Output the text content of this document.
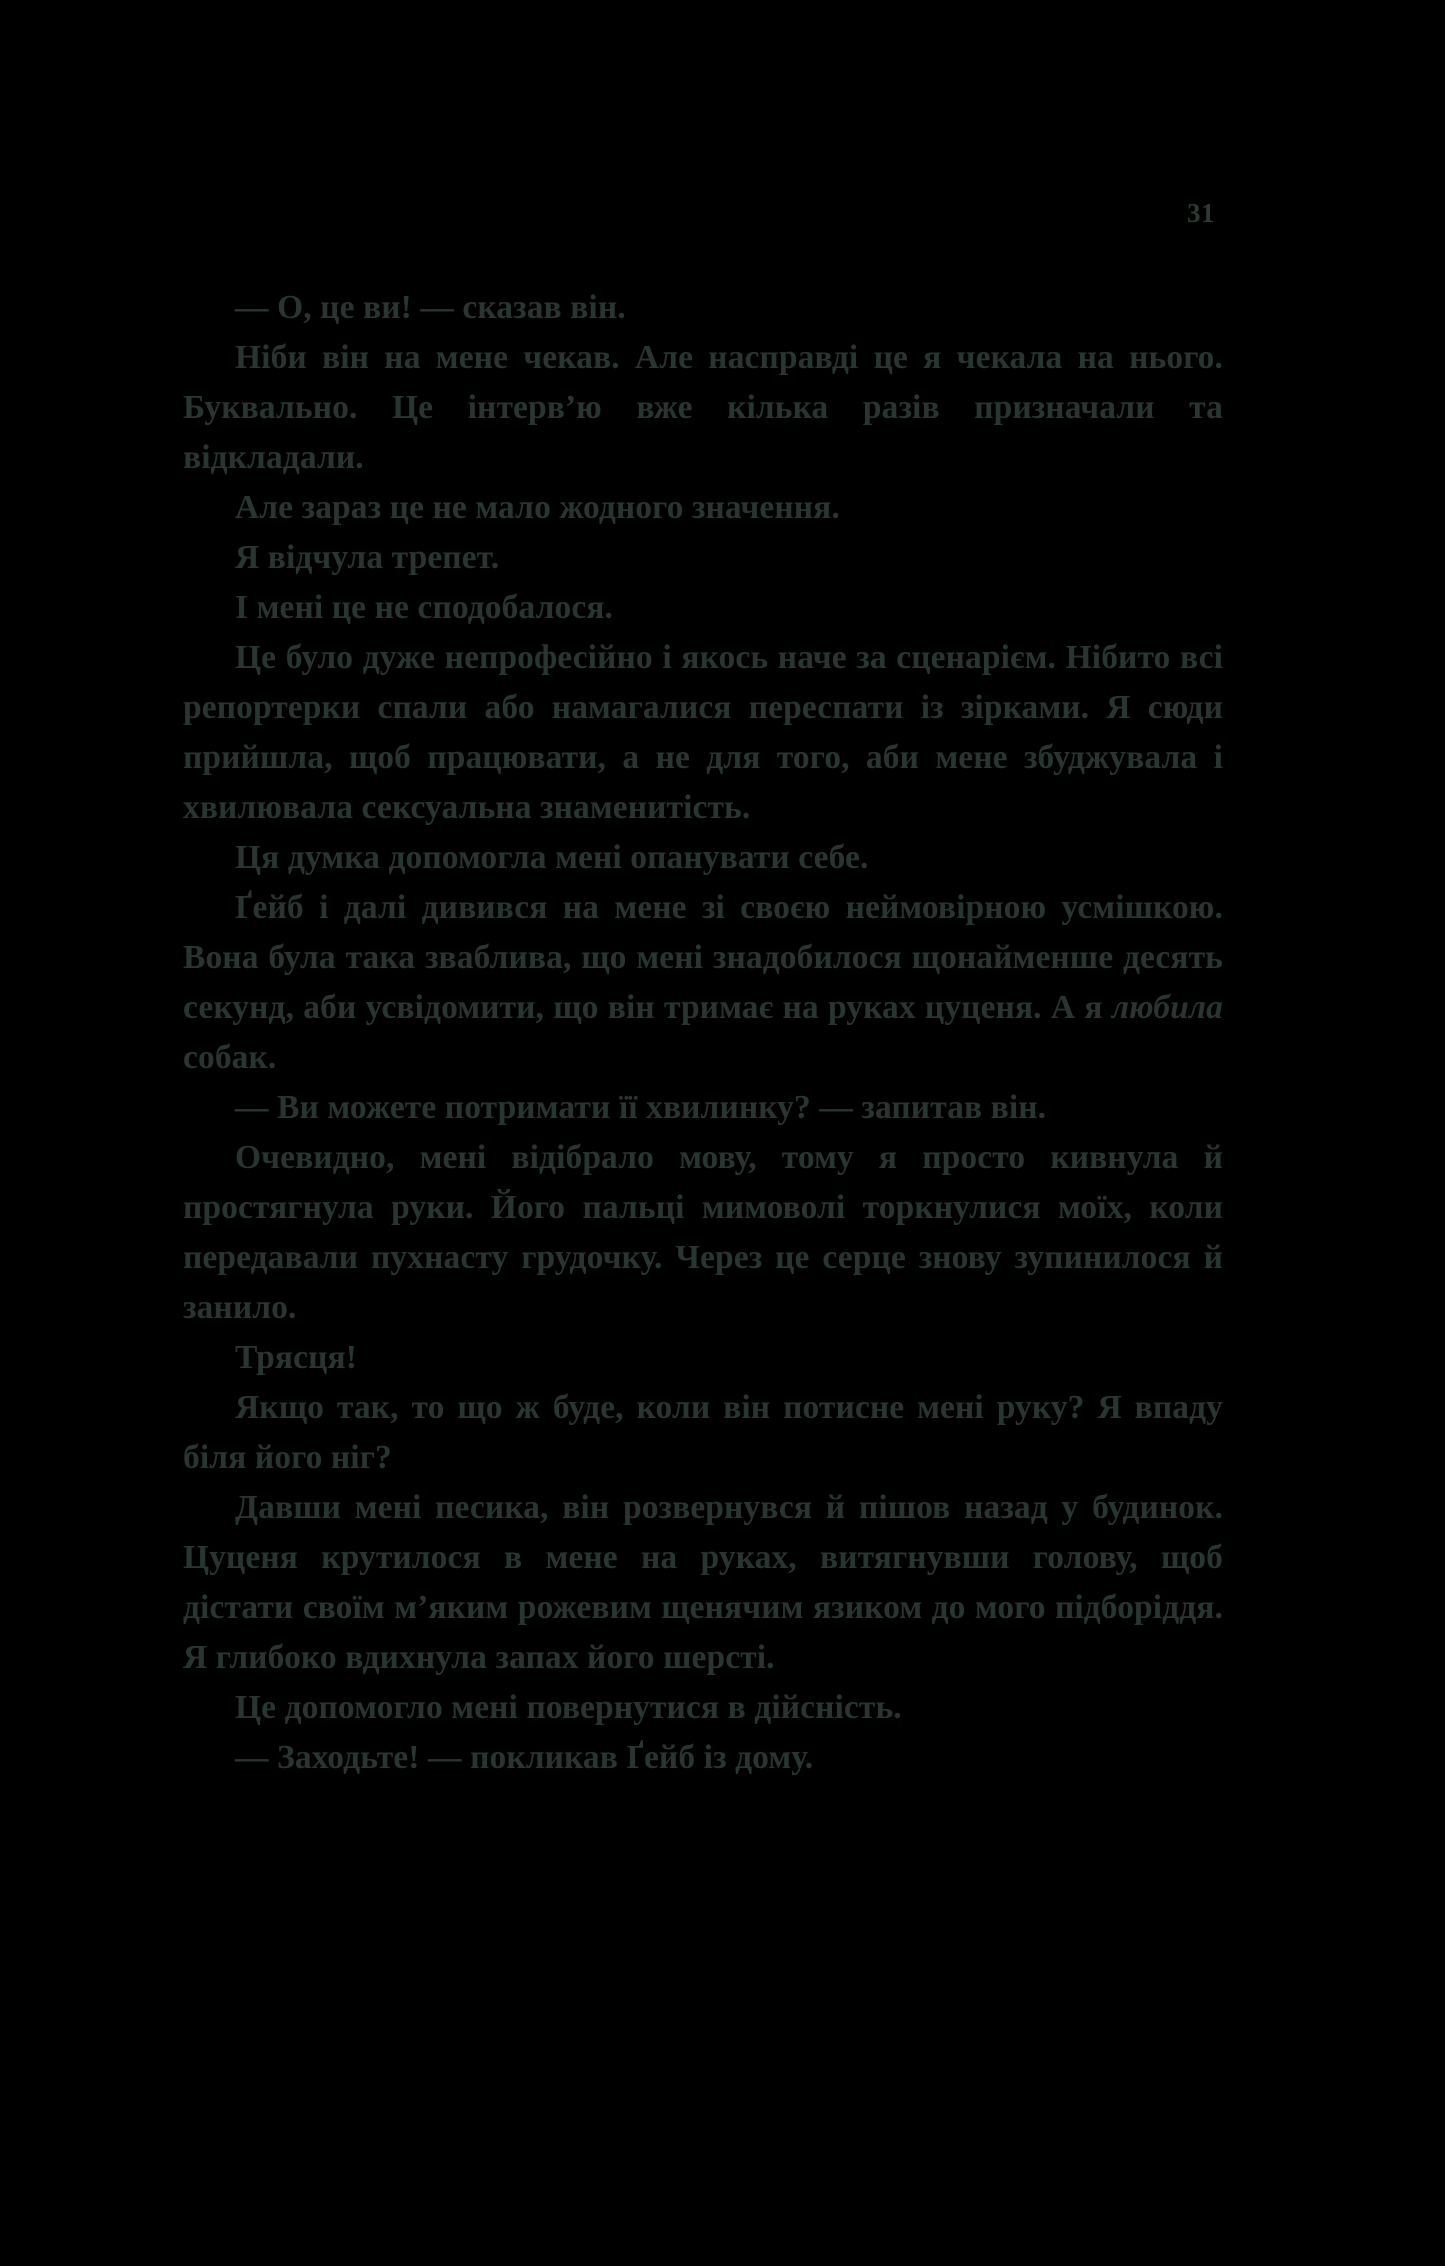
31

— О, це ви! — сказав він.

Ніби він на мене чекав. Але насправді це я чекала на нього. Буквально. Це інтерв’ю вже кілька разів призначали та відкладали.

Але зараз це не мало жодного значення.

Я відчула трепет.

І мені це не сподобалося.

Це було дуже непрофесійно і якось наче за сценарієм. Нібито всі репортерки спали або намагалися переспати із зірками. Я сюди прийшла, щоб працювати, а не для того, аби мене збуджувала і хвилювала сексуальна знаменитість.

Ця думка допомогла мені опанувати себе.

Ґейб і далі дивився на мене зі своєю неймовірною усмішкою. Вона була така зваблива, що мені знадобилося щонайменше десять секунд, аби усвідомити, що він тримає на руках цуценя. А я любила собак.

— Ви можете потримати її хвилинку? — запитав він.

Очевидно, мені відібрало мову, тому я просто кивнула й простягнула руки. Його пальці мимоволі торкнулися моїх, коли передавали пухнасту грудочку. Через це серце знову зупинилося й занило.

Трясця!

Якщо так, то що ж буде, коли він потисне мені руку? Я впаду біля його ніг?

Давши мені песика, він розвернувся й пішов назад у будинок. Цуценя крутилося в мене на руках, витягнувши голову, щоб дістати своїм м’яким рожевим щенячим язиком до мого підборіддя. Я глибоко вдихнула запах його шерсті.

Це допомогло мені повернутися в дійсність.

— Заходьте! — покликав Ґейб із дому.
